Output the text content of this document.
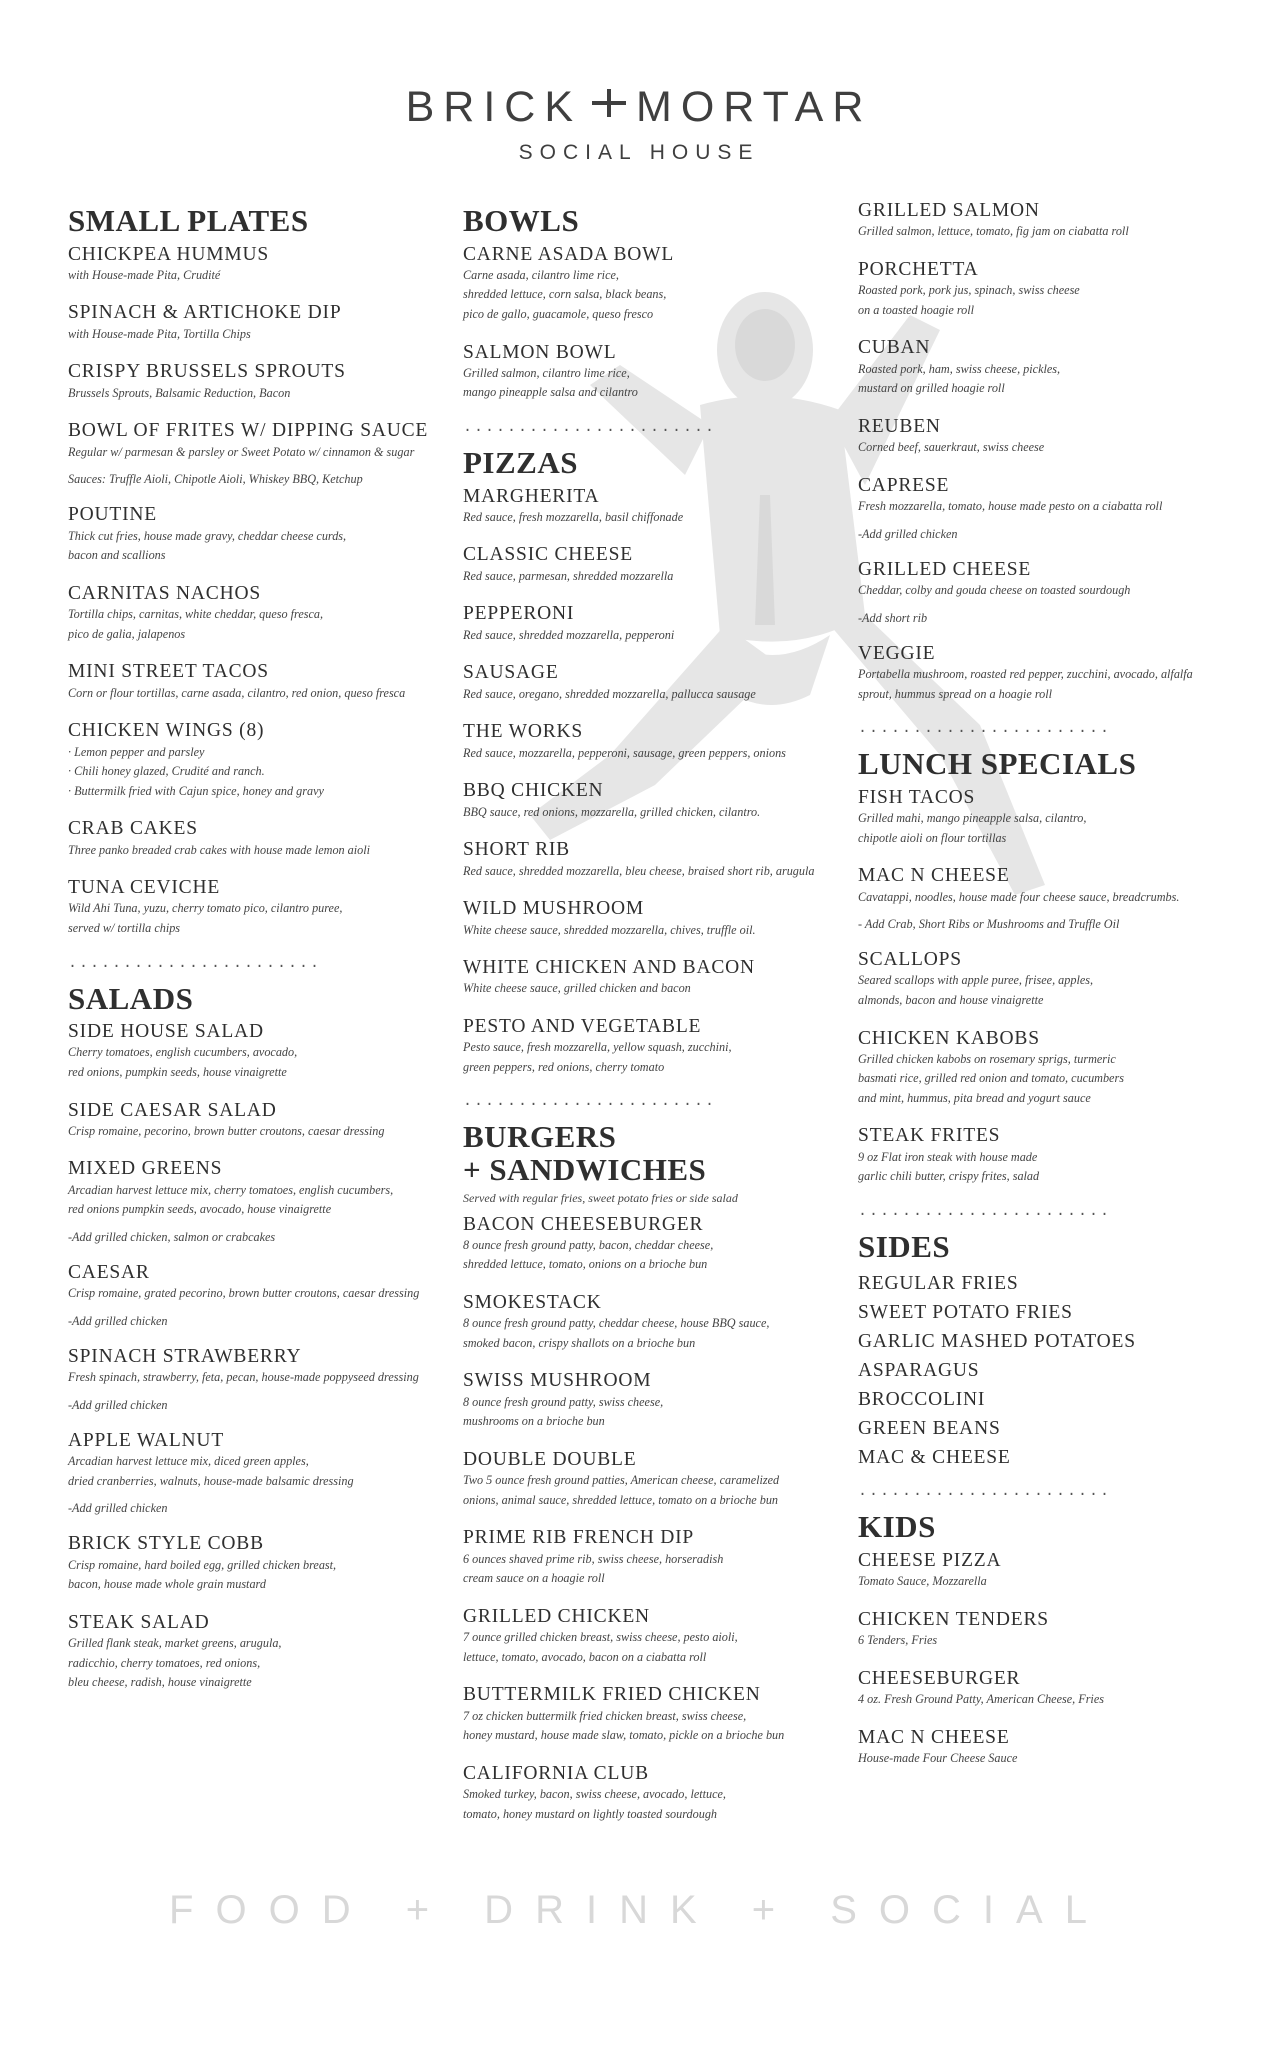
BRICK MORTAR
SOCIAL HOUSE
SMALL PLATES
CHICKPEA HUMMUS
with House-made Pita, Crudité
SPINACH & ARTICHOKE DIP
with House-made Pita, Tortilla Chips
CRISPY BRUSSELS SPROUTS
Brussels Sprouts, Balsamic Reduction, Bacon
BOWL OF FRITES W/ DIPPING SAUCE
Regular w/ parmesan & parsley or Sweet Potato w/ cinnamon & sugar
Sauces: Truffle Aioli, Chipotle Aioli, Whiskey BBQ, Ketchup
POUTINE
Thick cut fries, house made gravy, cheddar cheese curds,
bacon and scallions
CARNITAS NACHOS
Tortilla chips, carnitas, white cheddar, queso fresca,
pico de galia, jalapenos
MINI STREET TACOS
Corn or flour tortillas, carne asada, cilantro, red onion, queso fresca
CHICKEN WINGS (8)
· Lemon pepper and parsley
· Chili honey glazed, Crudité and ranch.
· Buttermilk fried with Cajun spice, honey and gravy
CRAB CAKES
Three panko breaded crab cakes with house made lemon aioli
TUNA CEVICHE
Wild Ahi Tuna, yuzu, cherry tomato pico, cilantro puree,
served w/ tortilla chips
.......................
SALADS
SIDE HOUSE SALAD
Cherry tomatoes, english cucumbers, avocado,
red onions, pumpkin seeds, house vinaigrette
SIDE CAESAR SALAD
Crisp romaine, pecorino, brown butter croutons, caesar dressing
MIXED GREENS
Arcadian harvest lettuce mix, cherry tomatoes, english cucumbers,
red onions pumpkin seeds, avocado, house vinaigrette
-Add grilled chicken, salmon or crabcakes
CAESAR
Crisp romaine, grated pecorino, brown butter croutons, caesar dressing
-Add grilled chicken
SPINACH STRAWBERRY
Fresh spinach, strawberry, feta, pecan, house-made poppyseed dressing
-Add grilled chicken
APPLE WALNUT
Arcadian harvest lettuce mix, diced green apples,
dried cranberries, walnuts, house-made balsamic dressing
-Add grilled chicken
BRICK STYLE COBB
Crisp romaine, hard boiled egg, grilled chicken breast,
bacon, house made whole grain mustard
STEAK SALAD
Grilled flank steak, market greens, arugula,
radicchio, cherry tomatoes, red onions,
bleu cheese, radish, house vinaigrette
BOWLS
CARNE ASADA BOWL
Carne asada, cilantro lime rice,
shredded lettuce, corn salsa, black beans,
pico de gallo, guacamole, queso fresco
SALMON BOWL
Grilled salmon, cilantro lime rice,
mango pineapple salsa and cilantro
.......................
PIZZAS
MARGHERITA
Red sauce, fresh mozzarella, basil chiffonade
CLASSIC CHEESE
Red sauce, parmesan, shredded mozzarella
PEPPERONI
Red sauce, shredded mozzarella, pepperoni
SAUSAGE
Red sauce, oregano, shredded mozzarella, pallucca sausage
THE WORKS
Red sauce, mozzarella, pepperoni, sausage, green peppers, onions
BBQ CHICKEN
BBQ sauce, red onions, mozzarella, grilled chicken, cilantro.
SHORT RIB
Red sauce, shredded mozzarella, bleu cheese, braised short rib, arugula
WILD MUSHROOM
White cheese sauce, shredded mozzarella, chives, truffle oil.
WHITE CHICKEN AND BACON
White cheese sauce, grilled chicken and bacon
PESTO AND VEGETABLE
Pesto sauce, fresh mozzarella, yellow squash, zucchini,
green peppers, red onions, cherry tomato
.......................
BURGERS
+ SANDWICHES
Served with regular fries, sweet potato fries or side salad
BACON CHEESEBURGER
8 ounce fresh ground patty, bacon, cheddar cheese,
shredded lettuce, tomato, onions on a brioche bun
SMOKESTACK
8 ounce fresh ground patty, cheddar cheese, house BBQ sauce,
smoked bacon, crispy shallots on a brioche bun
SWISS MUSHROOM
8 ounce fresh ground patty, swiss cheese,
mushrooms on a brioche bun
DOUBLE DOUBLE
Two 5 ounce fresh ground patties, American cheese, caramelized
onions, animal sauce, shredded lettuce, tomato on a brioche bun
PRIME RIB FRENCH DIP
6 ounces shaved prime rib, swiss cheese, horseradish
cream sauce on a hoagie roll
GRILLED CHICKEN
7 ounce grilled chicken breast, swiss cheese, pesto aioli,
lettuce, tomato, avocado, bacon on a ciabatta roll
BUTTERMILK FRIED CHICKEN
7 oz chicken buttermilk fried chicken breast, swiss cheese,
honey mustard, house made slaw, tomato, pickle on a brioche bun
CALIFORNIA CLUB
Smoked turkey, bacon, swiss cheese, avocado, lettuce,
tomato, honey mustard on lightly toasted sourdough
GRILLED SALMON
Grilled salmon, lettuce, tomato, fig jam on ciabatta roll
PORCHETTA
Roasted pork, pork jus, spinach, swiss cheese
on a toasted hoagie roll
CUBAN
Roasted pork, ham, swiss cheese, pickles,
mustard on grilled hoagie roll
REUBEN
Corned beef, sauerkraut, swiss cheese
CAPRESE
Fresh mozzarella, tomato, house made pesto on a ciabatta roll
-Add grilled chicken
GRILLED CHEESE
Cheddar, colby and gouda cheese on toasted sourdough
-Add short rib
VEGGIE
Portabella mushroom, roasted red pepper, zucchini, avocado, alfalfa
sprout, hummus spread on a hoagie roll
.......................
LUNCH SPECIALS
FISH TACOS
Grilled mahi, mango pineapple salsa, cilantro,
chipotle aioli on flour tortillas
MAC N CHEESE
Cavatappi, noodles, house made four cheese sauce, breadcrumbs.
- Add Crab, Short Ribs or Mushrooms and Truffle Oil
SCALLOPS
Seared scallops with apple puree, frisee, apples,
almonds, bacon and house vinaigrette
CHICKEN KABOBS
Grilled chicken kabobs on rosemary sprigs, turmeric
basmati rice, grilled red onion and tomato, cucumbers
and mint, hummus, pita bread and yogurt sauce
STEAK FRITES
9 oz Flat iron steak with house made
garlic chili butter, crispy frites, salad
.......................
SIDES
REGULAR FRIES
SWEET POTATO FRIES
GARLIC MASHED POTATOES
ASPARAGUS
BROCCOLINI
GREEN BEANS
MAC & CHEESE
.......................
KIDS
CHEESE PIZZA
Tomato Sauce, Mozzarella
CHICKEN TENDERS
6 Tenders, Fries
CHEESEBURGER
4 oz. Fresh Ground Patty, American Cheese, Fries
MAC N CHEESE
House-made Four Cheese Sauce
FOOD + DRINK + SOCIAL
